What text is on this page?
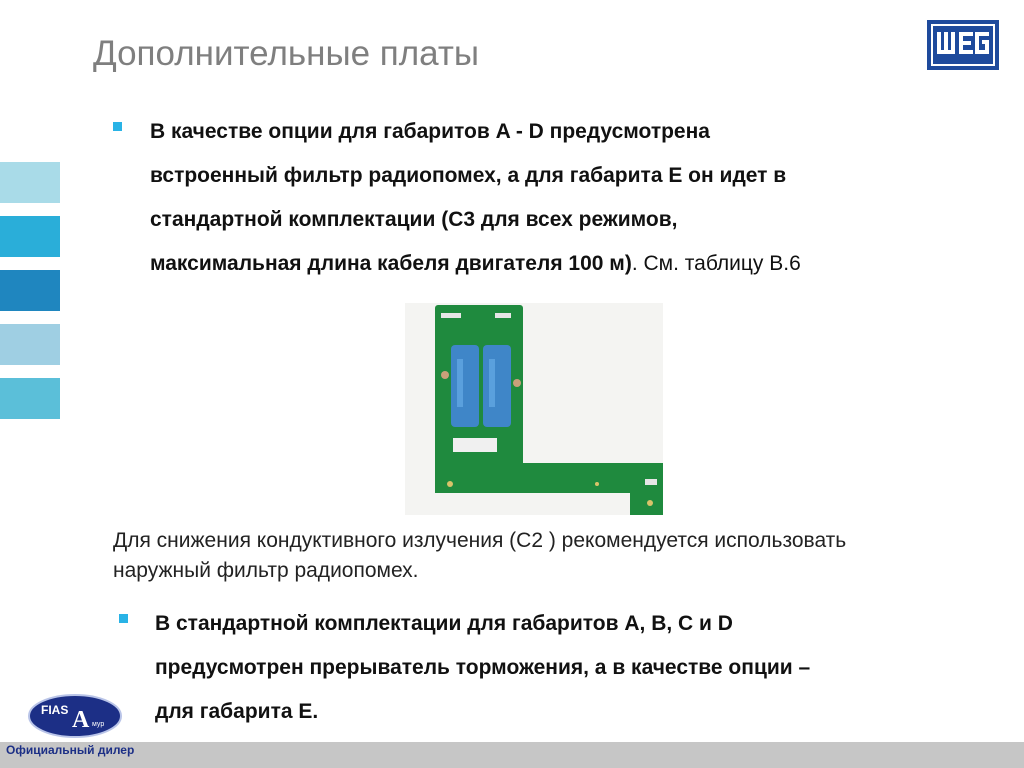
Дополнительные платы
В качестве опции для габаритов A - D предусмотрена
встроенный фильтр радиопомех, а для габарита E он идет в
стандартной комплектации (C3 для всех режимов,
максимальная длина кабеля двигателя 100 м). См. таблицу B.6
Для снижения кондуктивного излучения (C2 ) рекомендуется использовать наружный фильтр радиопомех.
В стандартной комплектации для габаритов A, B, C и D
предусмотрен прерыватель торможения, а в качестве опции –
для габарита E.
FIAS A мур
Официальный дилер
